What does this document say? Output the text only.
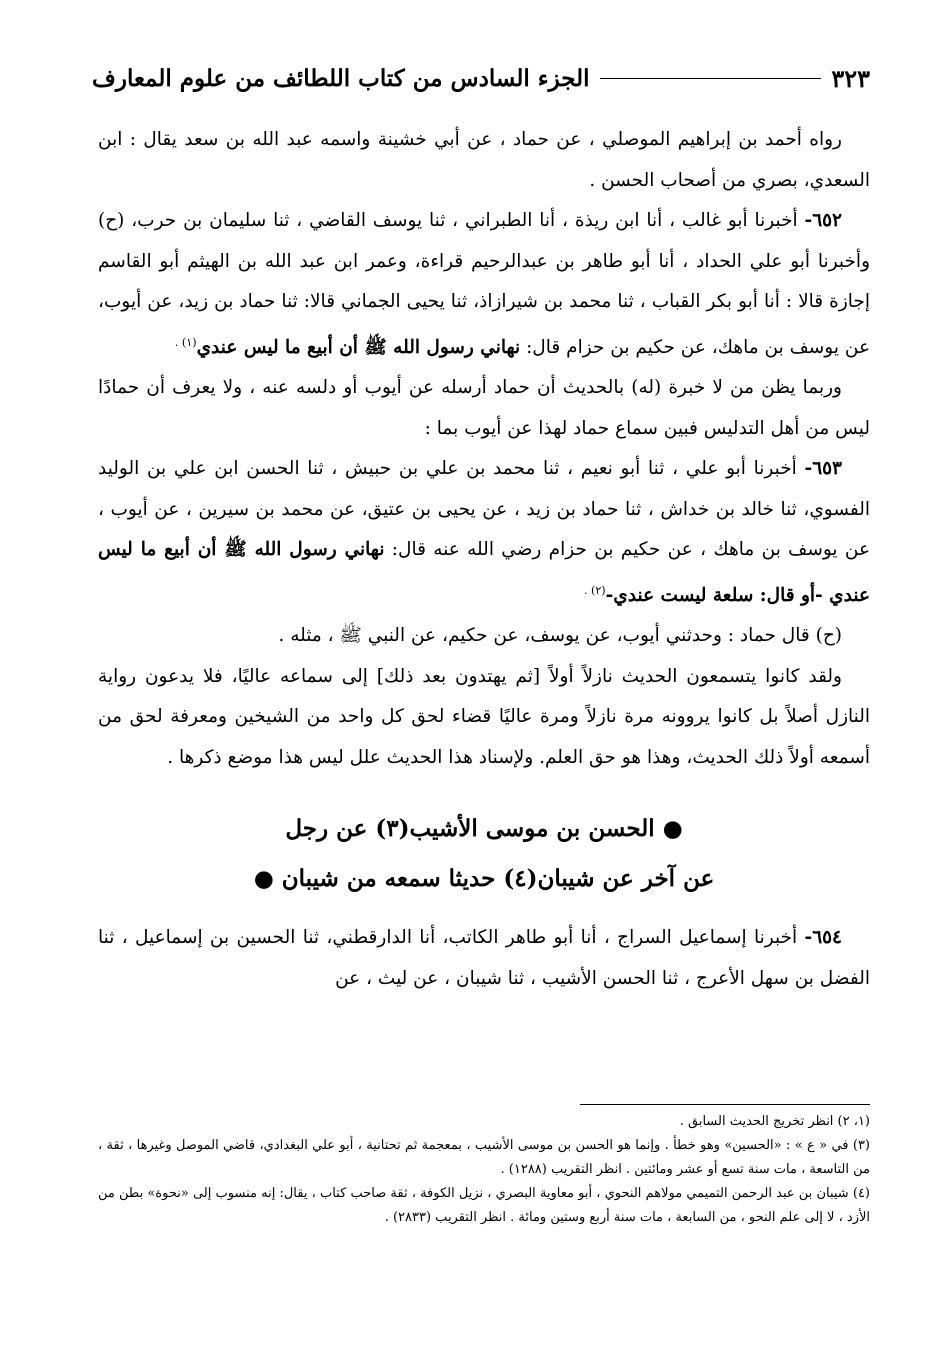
الجزء السادس من كتاب اللطائف من علوم المعارف	٣٢٣

رواه أحمد بن إبراهيم الموصلي ، عن حماد ، عن أبي خشينة واسمه عبد الله بن سعد يقال : ابن السعدي، بصري من أصحاب الحسن .

٦٥٢- أخبرنا أبو غالب ، أنا ابن ريذة ، أنا الطبراني ، ثنا يوسف القاضي ، ثنا سليمان بن حرب، (ح) وأخبرنا أبو علي الحداد ، أنا أبو طاهر بن عبدالرحيم قراءة، وعمر ابن عبد الله بن الهيثم أبو القاسم إجازة قالا : أنا أبو بكر القباب ، ثنا محمد بن شيرازاذ، ثنا يحيى الجماني قالا: ثنا حماد بن زيد، عن أيوب، عن يوسف بن ماهك، عن حكيم بن حزام قال: نهاني رسول الله ﷺ أن أبيع ما ليس عندي$^{(١) .}$

وربما يظن من لا خبرة (له) بالحديث أن حماد أرسله عن أيوب أو دلسه عنه ، ولا يعرف أن حمادًا ليس من أهل التدليس فبين سماع حماد لهذا عن أيوب بما :

٦٥٣- أخبرنا أبو علي ، ثنا أبو نعيم ، ثنا محمد بن علي بن حبيش ، ثنا الحسن ابن علي بن الوليد الفسوي، ثنا خالد بن خداش ، ثنا حماد بن زيد ، عن يحيى بن عتيق، عن محمد بن سيرين ، عن أيوب ، عن يوسف بن ماهك ، عن حكيم بن حزام رضي الله عنه قال: نهاني رسول الله ﷺ أن أبيع ما ليس عندي -أو قال: سلعة ليست عندي-$^{(٢) .}$

(ح) قال حماد : وحدثني أيوب، عن يوسف، عن حكيم، عن النبي ﷺ ، مثله .

ولقد كانوا يتسمعون الحديث نازلاً أولاً [ثم يهتدون بعد ذلك] إلى سماعه عاليًا، فلا يدعون رواية النازل أصلاً بل كانوا يروونه مرة نازلاً ومرة عاليًا قضاء لحق كل واحد من الشيخين ومعرفة لحق من أسمعه أولاً ذلك الحديث، وهذا هو حق العلم. ولإسناد هذا الحديث علل ليس هذا موضع ذكرها .

● الحسن بن موسى الأشيب(٣) عن رجل

عن آخر عن شيبان(٤) حديثا سمعه من شيبان ●

٦٥٤- أخبرنا إسماعيل السراج ، أنا أبو طاهر الكاتب، أنا الدارقطني، ثنا الحسين بن إسماعيل ، ثنا الفضل بن سهل الأعرج ، ثنا الحسن الأشيب ، ثنا شيبان ، عن ليث ، عن

(١، ٢) انظر تخريج الحديث السابق .

(٣) في « ع » : «الحسين» وهو خطأ . وإنما هو الحسن بن موسى الأشيب ، بمعجمة ثم تحتانية ، أبو علي البغدادي، قاضي الموصل وغيرها ، ثقة ، من التاسعة ، مات سنة تسع أو عشر ومائتين . انظر التقريب (١٢٨٨) .

(٤) شيبان بن عبد الرحمن التميمي مولاهم النحوي ، أبو معاوية البصري ، نزيل الكوفة ، ثقة صاحب كتاب ، يقال: إنه منسوب إلى «نحوة» بطن من الأزد ، لا إلى علم النحو ، من السابعة ، مات سنة أربع وستين ومائة . انظر التقريب (٢٨٣٣) .
